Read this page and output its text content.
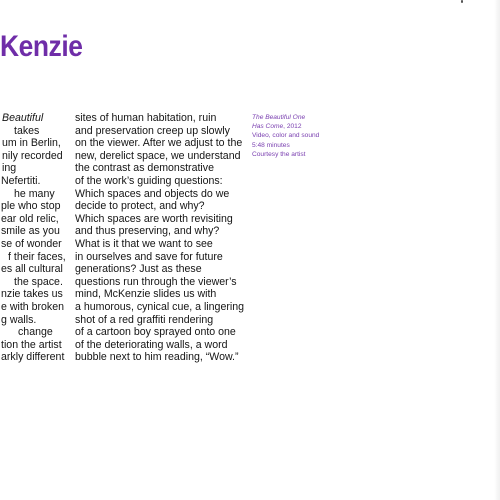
Kenzie
Beautiful
takes
um in Berlin,
nily recorded
ing
Nefertiti.
he many
ple who stop
ear old relic,
smile as you
se of wonder
f their faces,
es all cultural
the space.
nzie takes us
e with broken
g walls.
change
tion the artist
arkly different
sites of human habitation, ruin
and preservation creep up slowly
on the viewer. After we adjust to the
new, derelict space, we understand
the contrast as demonstrative
of the work’s guiding questions:
Which spaces and objects do we
decide to protect, and why?
Which spaces are worth revisiting
and thus preserving, and why?
What is it that we want to see
in ourselves and save for future
generations? Just as these
questions run through the viewer’s
mind, McKenzie slides us with
a humorous, cynical cue, a lingering
shot of a red graffiti rendering
of a cartoon boy sprayed onto one
of the deteriorating walls, a word
bubble next to him reading, “Wow.”
The Beautiful One
Has Come, 2012
Video, color and sound
5:48 minutes
Courtesy the artist
